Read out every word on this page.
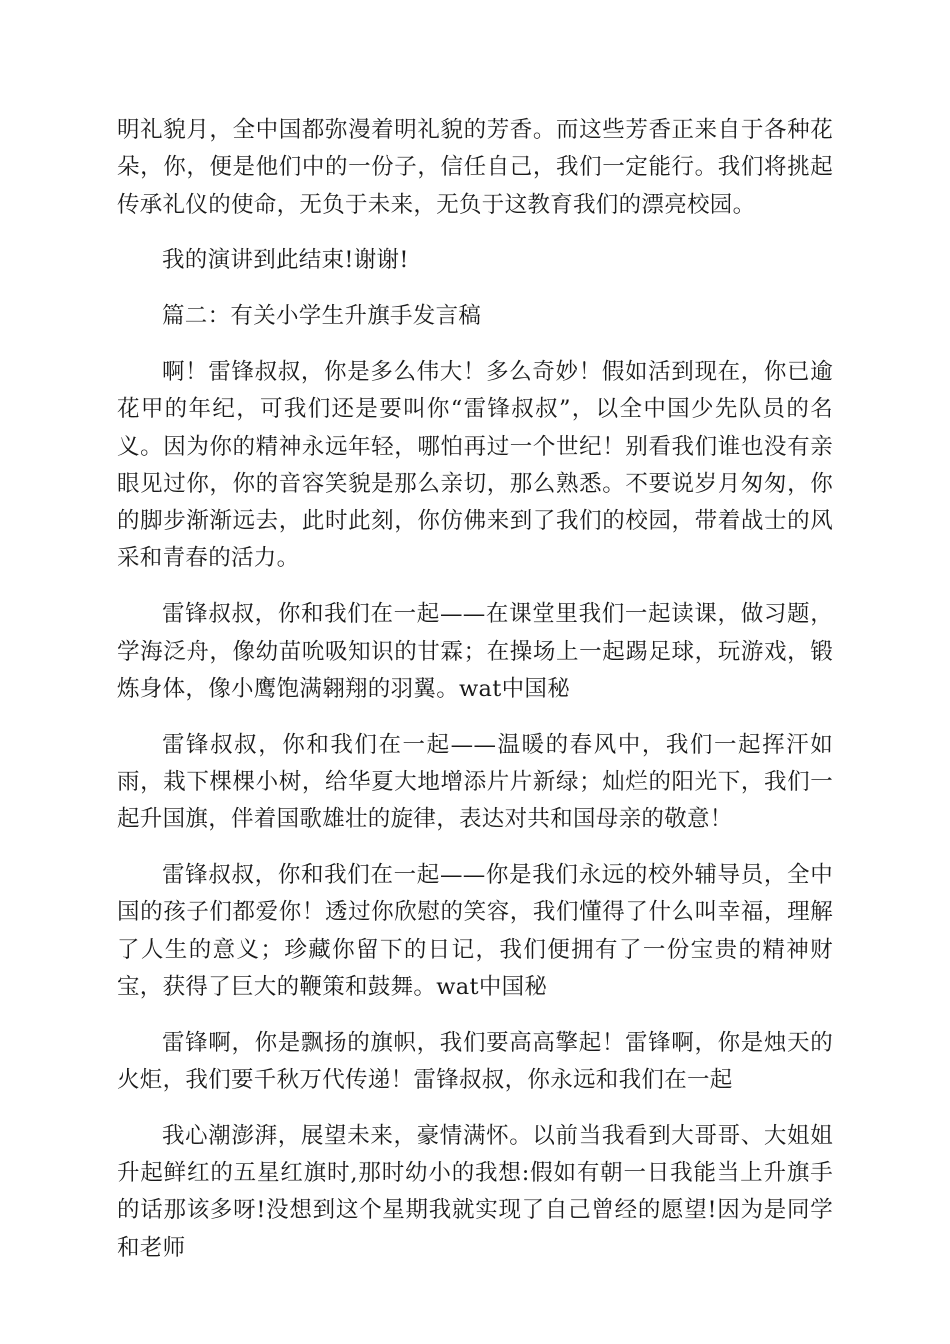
明礼貌月，全中国都弥漫着明礼貌的芳香。而这些芳香正来自于各种花朵，你，便是他们中的一份子，信任自己，我们一定能行。我们将挑起传承礼仪的使命，无负于未来，无负于这教育我们的漂亮校园。

我的演讲到此结束!谢谢!

篇二：有关小学生升旗手发言稿

啊！雷锋叔叔，你是多么伟大！多么奇妙！假如活到现在，你已逾花甲的年纪，可我们还是要叫你“雷锋叔叔”，以全中国少先队员的名义。因为你的精神永远年轻，哪怕再过一个世纪！别看我们谁也没有亲眼见过你，你的音容笑貌是那么亲切，那么熟悉。不要说岁月匆匆，你的脚步渐渐远去，此时此刻，你仿佛来到了我们的校园，带着战士的风采和青春的活力。

雷锋叔叔，你和我们在一起——在课堂里我们一起读课，做习题，学海泛舟，像幼苗吮吸知识的甘霖；在操场上一起踢足球，玩游戏，锻炼身体，像小鹰饱满翱翔的羽翼。wat中国秘

雷锋叔叔，你和我们在一起——温暖的春风中，我们一起挥汗如雨，栽下棵棵小树，给华夏大地增添片片新绿；灿烂的阳光下，我们一起升国旗，伴着国歌雄壮的旋律，表达对共和国母亲的敬意！

雷锋叔叔，你和我们在一起——你是我们永远的校外辅导员，全中国的孩子们都爱你！透过你欣慰的笑容，我们懂得了什么叫幸福，理解了人生的意义；珍藏你留下的日记，我们便拥有了一份宝贵的精神财宝，获得了巨大的鞭策和鼓舞。wat中国秘

雷锋啊，你是飘扬的旗帜，我们要高高擎起！雷锋啊，你是烛天的火炬，我们要千秋万代传递！雷锋叔叔，你永远和我们在一起

我心潮澎湃，展望未来，豪情满怀。以前当我看到大哥哥、大姐姐升起鲜红的五星红旗时,那时幼小的我想:假如有朝一日我能当上升旗手的话那该多呀!没想到这个星期我就实现了自己曾经的愿望!因为是同学和老师
